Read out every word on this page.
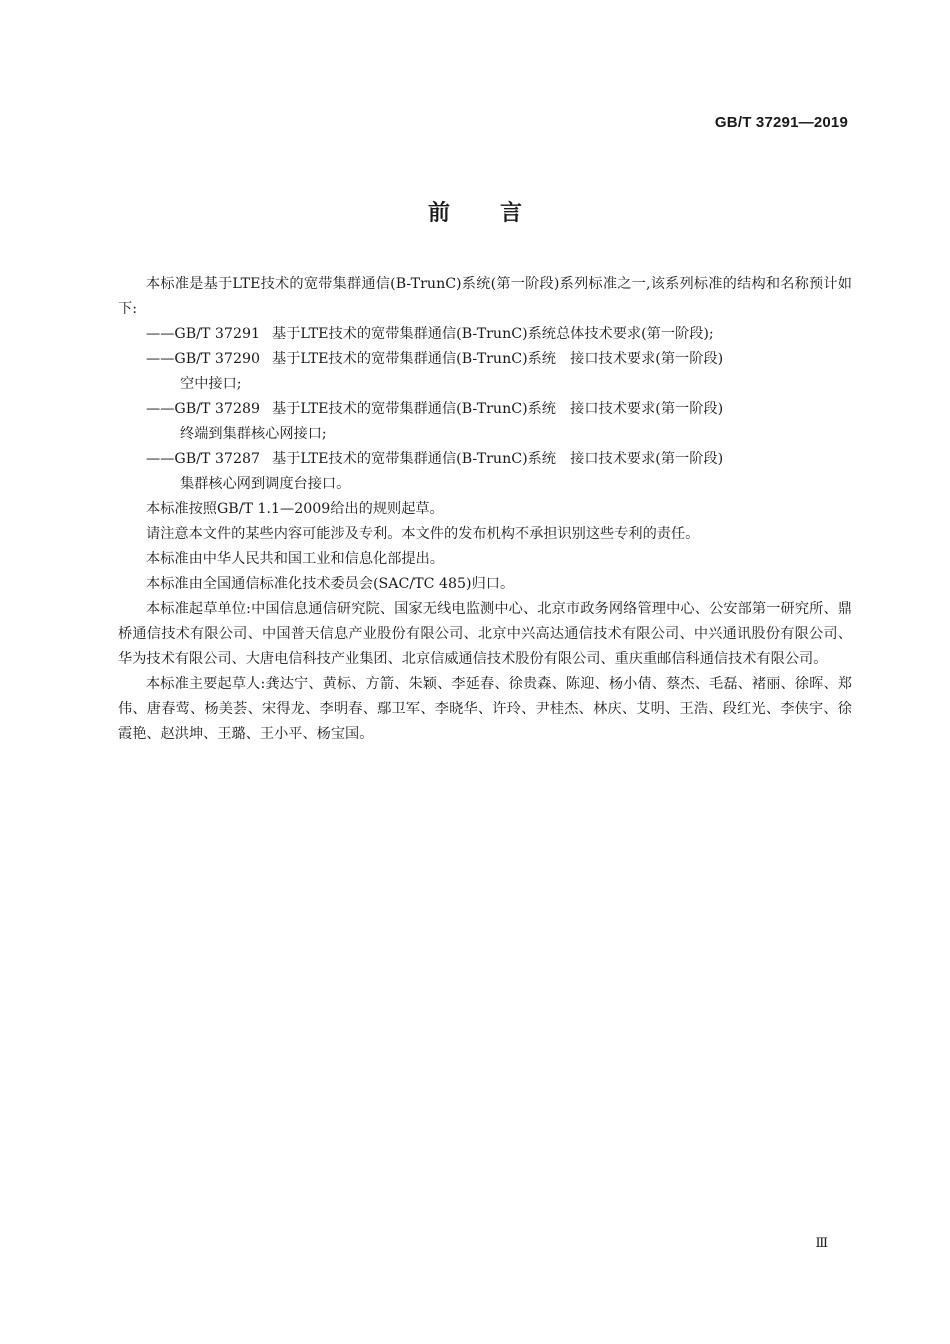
GB/T 37291—2019
前言

本标准是基于LTE技术的宽带集群通信(B-TrunC)系统(第一阶段)系列标准之一,该系列标准的结构和名称预计如下:

——GB/T 37291 基于LTE技术的宽带集群通信(B-TrunC)系统总体技术要求(第一阶段);
——GB/T 37290 基于LTE技术的宽带集群通信(B-TrunC)系统　接口技术要求(第一阶段)
空中接口;
——GB/T 37289 基于LTE技术的宽带集群通信(B-TrunC)系统　接口技术要求(第一阶段)
终端到集群核心网接口;
——GB/T 37287 基于LTE技术的宽带集群通信(B-TrunC)系统　接口技术要求(第一阶段)
集群核心网到调度台接口。

本标准按照GB/T 1.1—2009给出的规则起草。

请注意本文件的某些内容可能涉及专利。本文件的发布机构不承担识别这些专利的责任。

本标准由中华人民共和国工业和信息化部提出。

本标准由全国通信标准化技术委员会(SAC/TC 485)归口。

本标准起草单位:中国信息通信研究院、国家无线电监测中心、北京市政务网络管理中心、公安部第一研究所、鼎桥通信技术有限公司、中国普天信息产业股份有限公司、北京中兴高达通信技术有限公司、中兴通讯股份有限公司、华为技术有限公司、大唐电信科技产业集团、北京信威通信技术股份有限公司、重庆重邮信科通信技术有限公司。

本标准主要起草人:龚达宁、黄标、方箭、朱颖、李延春、徐贵森、陈迎、杨小倩、蔡杰、毛磊、褚丽、徐晖、郑伟、唐春莺、杨美荟、宋得龙、李明春、鄢卫军、李晓华、许玲、尹桂杰、林庆、艾明、王浩、段红光、李侠宇、徐霞艳、赵洪坤、王璐、王小平、杨宝国。

Ⅲ
